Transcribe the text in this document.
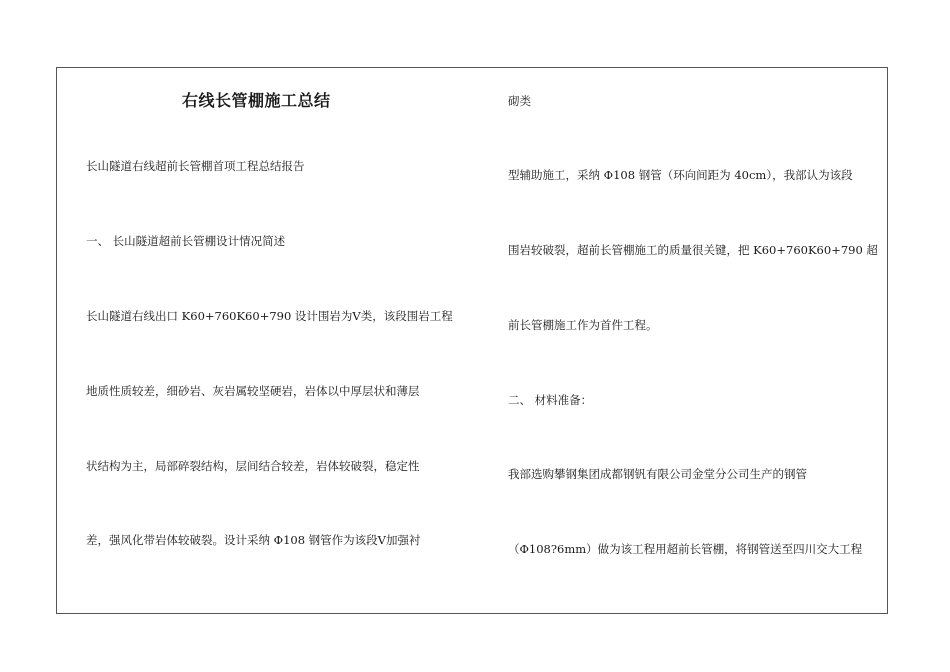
右线长管棚施工总结
长山隧道右线超前长管棚首项工程总结报告
一、 长山隧道超前长管棚设计情况简述
长山隧道右线出口 K60+760K60+790 设计围岩为Ⅴ类，该段围岩工程
地质性质较差，细砂岩、灰岩属较坚硬岩，岩体以中厚层状和薄层
状结构为主，局部碎裂结构，层间结合较差，岩体较破裂，稳定性
差，强风化带岩体较破裂。设计采纳 Φ108 钢管作为该段Ⅴ加强衬
砌类
型辅助施工，采纳 Φ108 钢管（环向间距为 40cm），我部认为该段
围岩较破裂，超前长管棚施工的质量很关键，把 K60+760K60+790 超
前长管棚施工作为首件工程。
二、 材料准备：
我部选购攀钢集团成都钢钒有限公司金堂分公司生产的钢管
（Φ108?6mm）做为该工程用超前长管棚，将钢管送至四川交大工程
